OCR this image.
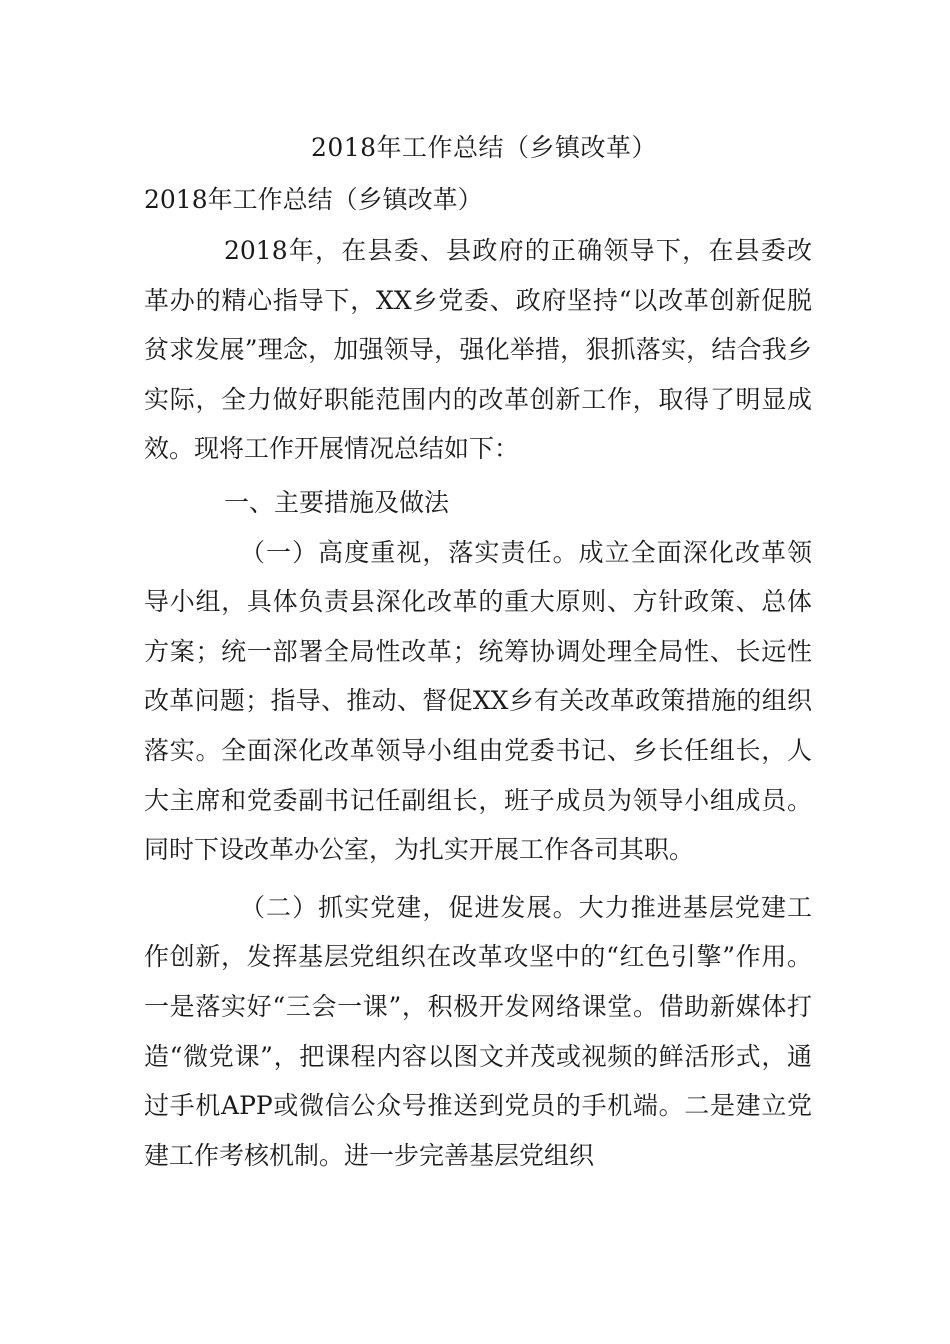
2018年工作总结（乡镇改革）
2018年工作总结（乡镇改革）

2018年，在县委、县政府的正确领导下，在县委改革办的精心指导下，XX乡党委、政府坚持“以改革创新促脱贫求发展”理念，加强领导，强化举措，狠抓落实，结合我乡实际，全力做好职能范围内的改革创新工作，取得了明显成效。现将工作开展情况总结如下：

一、主要措施及做法

（一）高度重视，落实责任。成立全面深化改革领导小组，具体负责县深化改革的重大原则、方针政策、总体方案；统一部署全局性改革；统筹协调处理全局性、长远性改革问题；指导、推动、督促XX乡有关改革政策措施的组织落实。全面深化改革领导小组由党委书记、乡长任组长，人大主席和党委副书记任副组长，班子成员为领导小组成员。同时下设改革办公室，为扎实开展工作各司其职。

（二）抓实党建，促进发展。大力推进基层党建工作创新，发挥基层党组织在改革攻坚中的“红色引擎”作用。一是落实好“三会一课”，积极开发网络课堂。借助新媒体打造“微党课”，把课程内容以图文并茂或视频的鲜活形式，通过手机APP或微信公众号推送到党员的手机端。二是建立党建工作考核机制。进一步完善基层党组织
